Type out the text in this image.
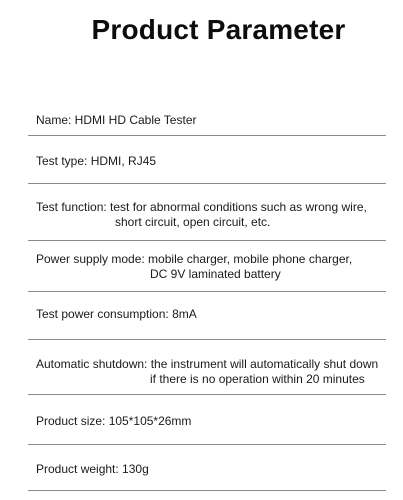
Product Parameter
Name: HDMI HD Cable Tester
Test type: HDMI, RJ45
Test function: test for abnormal conditions such as wrong wire,
short circuit, open circuit, etc.
Power supply mode: mobile charger, mobile phone charger,
DC 9V laminated battery
Test power consumption: 8mA
Automatic shutdown: the instrument will automatically shut down
if there is no operation within 20 minutes
Product size: 105*105*26mm
Product weight: 130g
